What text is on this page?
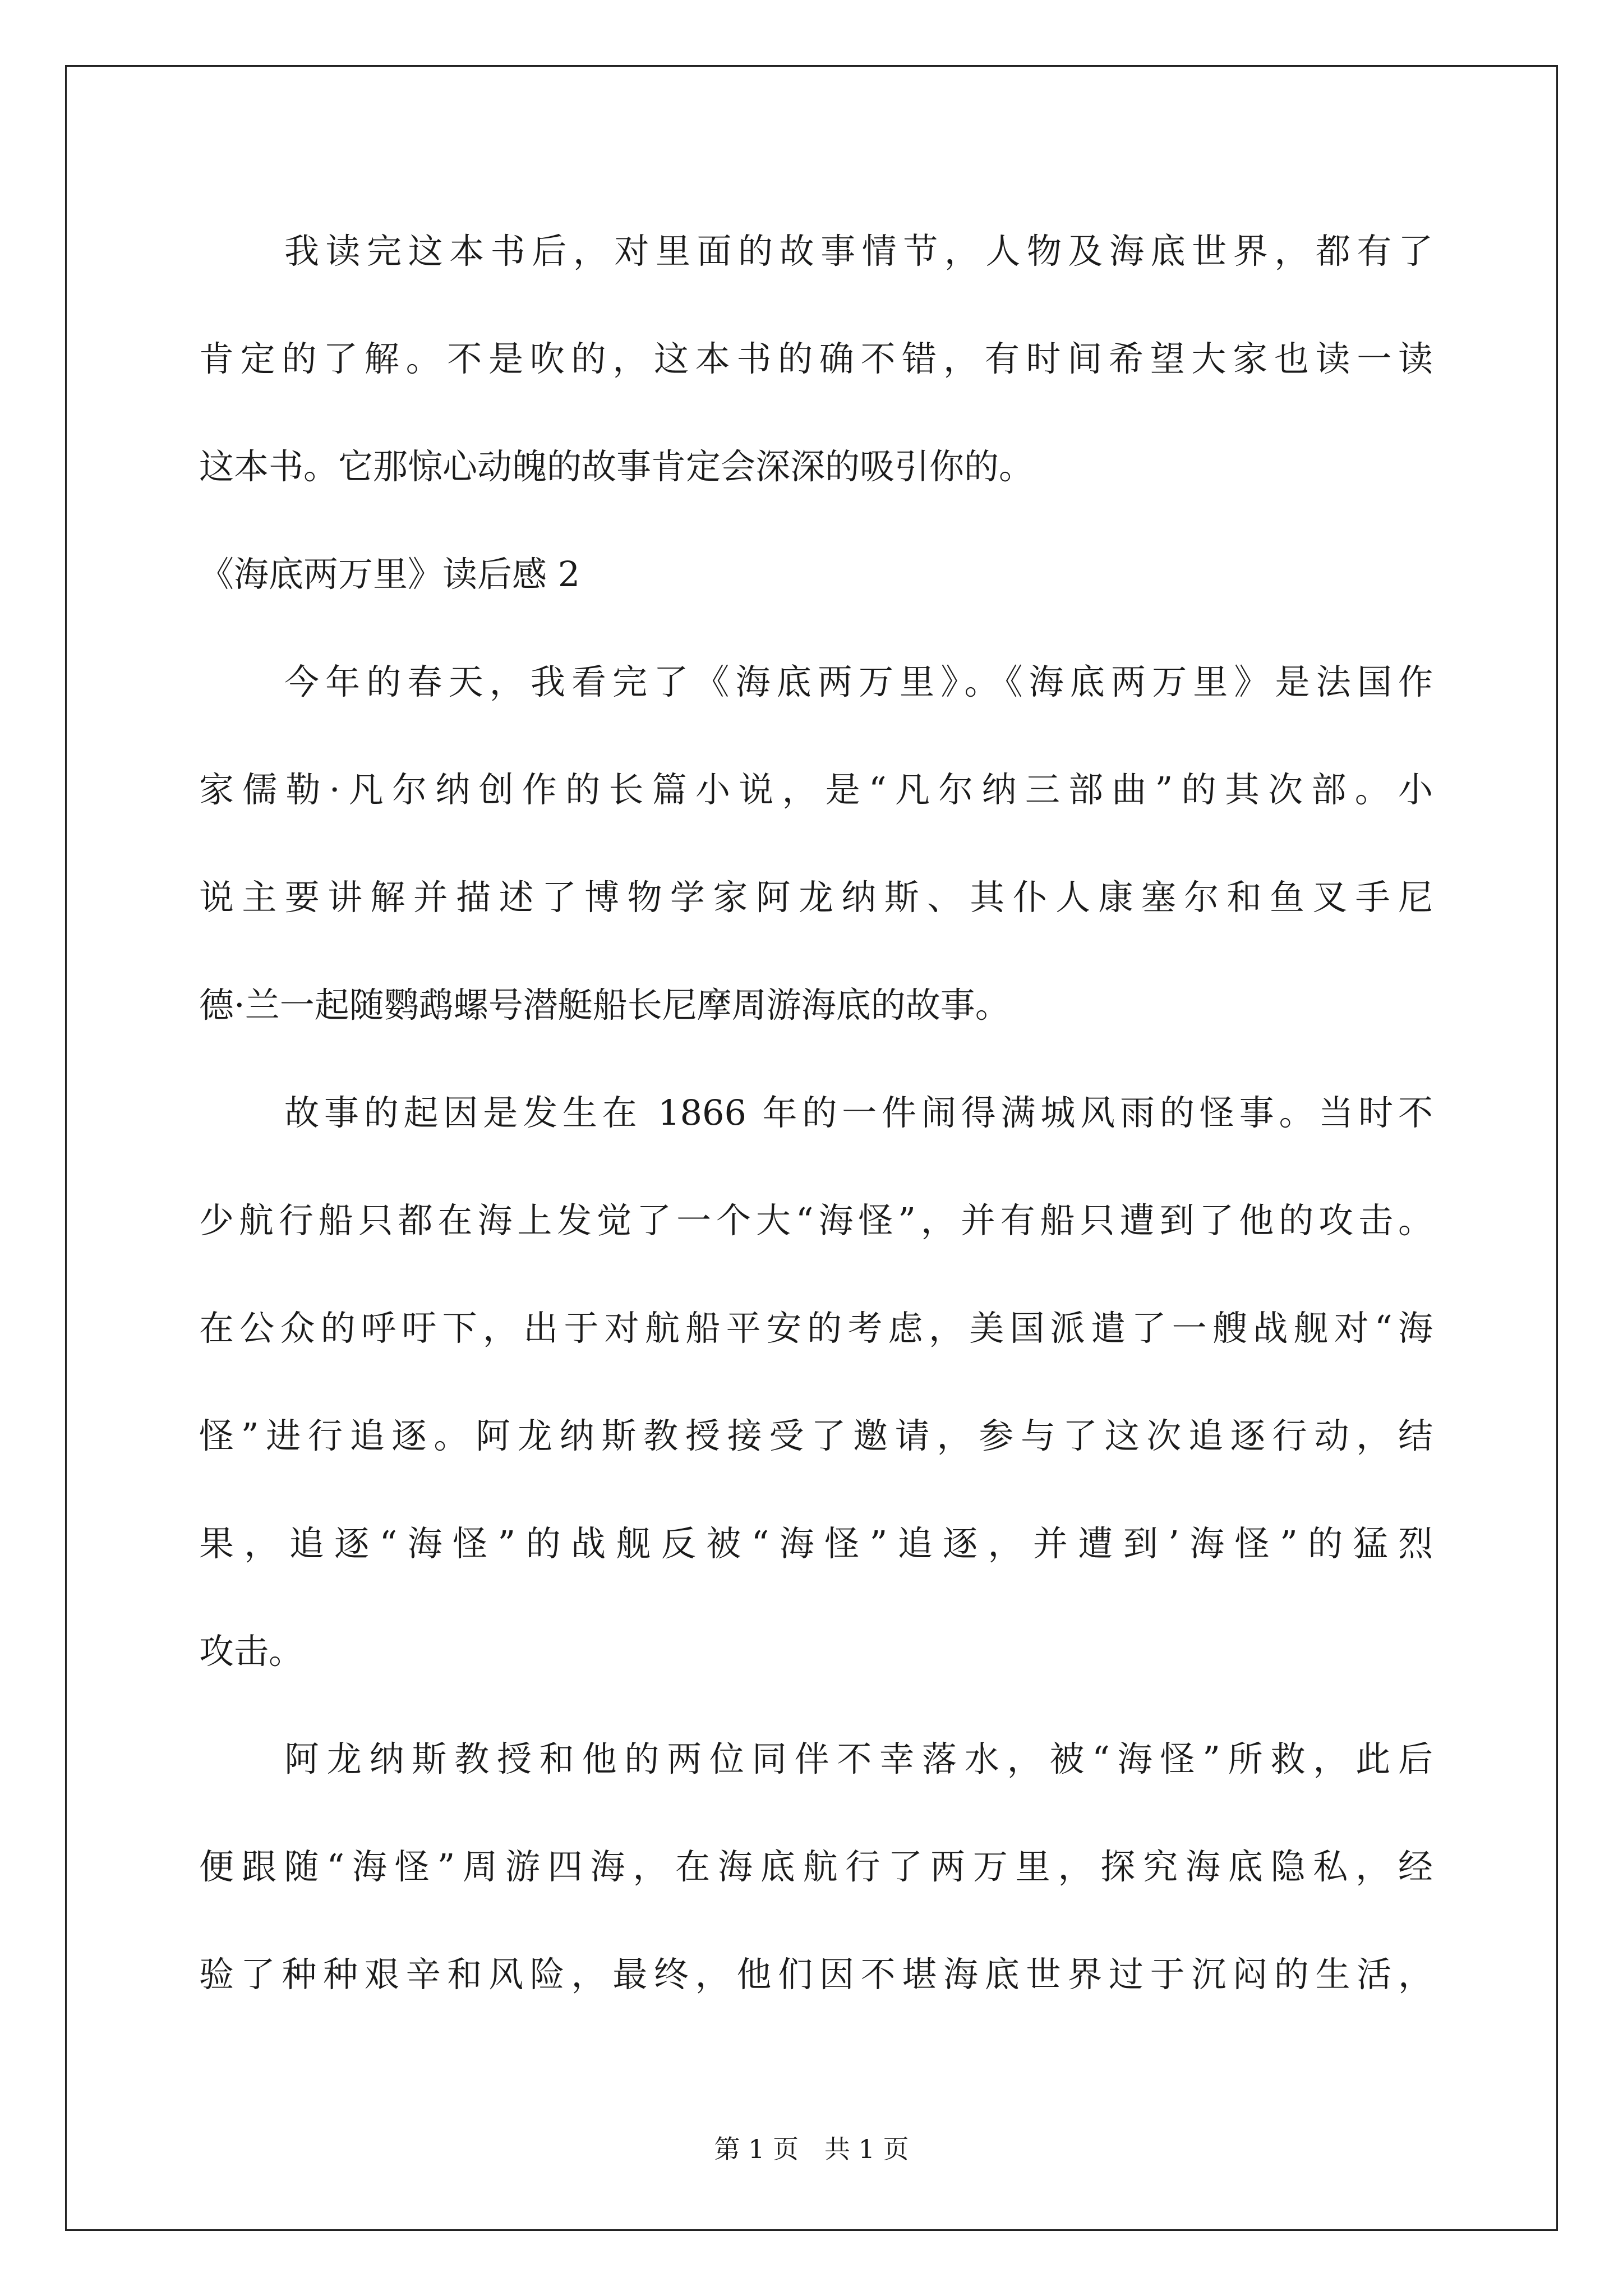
我读完这本书后，对里面的故事情节，人物及海底世界，都有了
肯定的了解。不是吹的，这本书的确不错，有时间希望大家也读一读
这本书。它那惊心动魄的故事肯定会深深的吸引你的。
《海底两万里》读后感 2
今年的春天，我看完了《海底两万里》。《海底两万里》是法国作
家儒勒·凡尔纳创作的长篇小说，是“凡尔纳三部曲”的其次部。小
说主要讲解并描述了博物学家阿龙纳斯、其仆人康塞尔和鱼叉手尼
德·兰一起随鹦鹉螺号潜艇船长尼摩周游海底的故事。
故事的起因是发生在 1866 年的一件闹得满城风雨的怪事。当时不
少航行船只都在海上发觉了一个大“海怪”，并有船只遭到了他的攻击。
在公众的呼吁下，出于对航船平安的考虑，美国派遣了一艘战舰对“海
怪”进行追逐。阿龙纳斯教授接受了邀请，参与了这次追逐行动，结
果，追逐“海怪”的战舰反被“海怪”追逐，并遭到’海怪”的猛烈
攻击。
阿龙纳斯教授和他的两位同伴不幸落水，被“海怪”所救，此后
便跟随“海怪”周游四海，在海底航行了两万里，探究海底隐私，经
验了种种艰辛和风险，最终，他们因不堪海底世界过于沉闷的生活，
第 1 页　共 1 页
